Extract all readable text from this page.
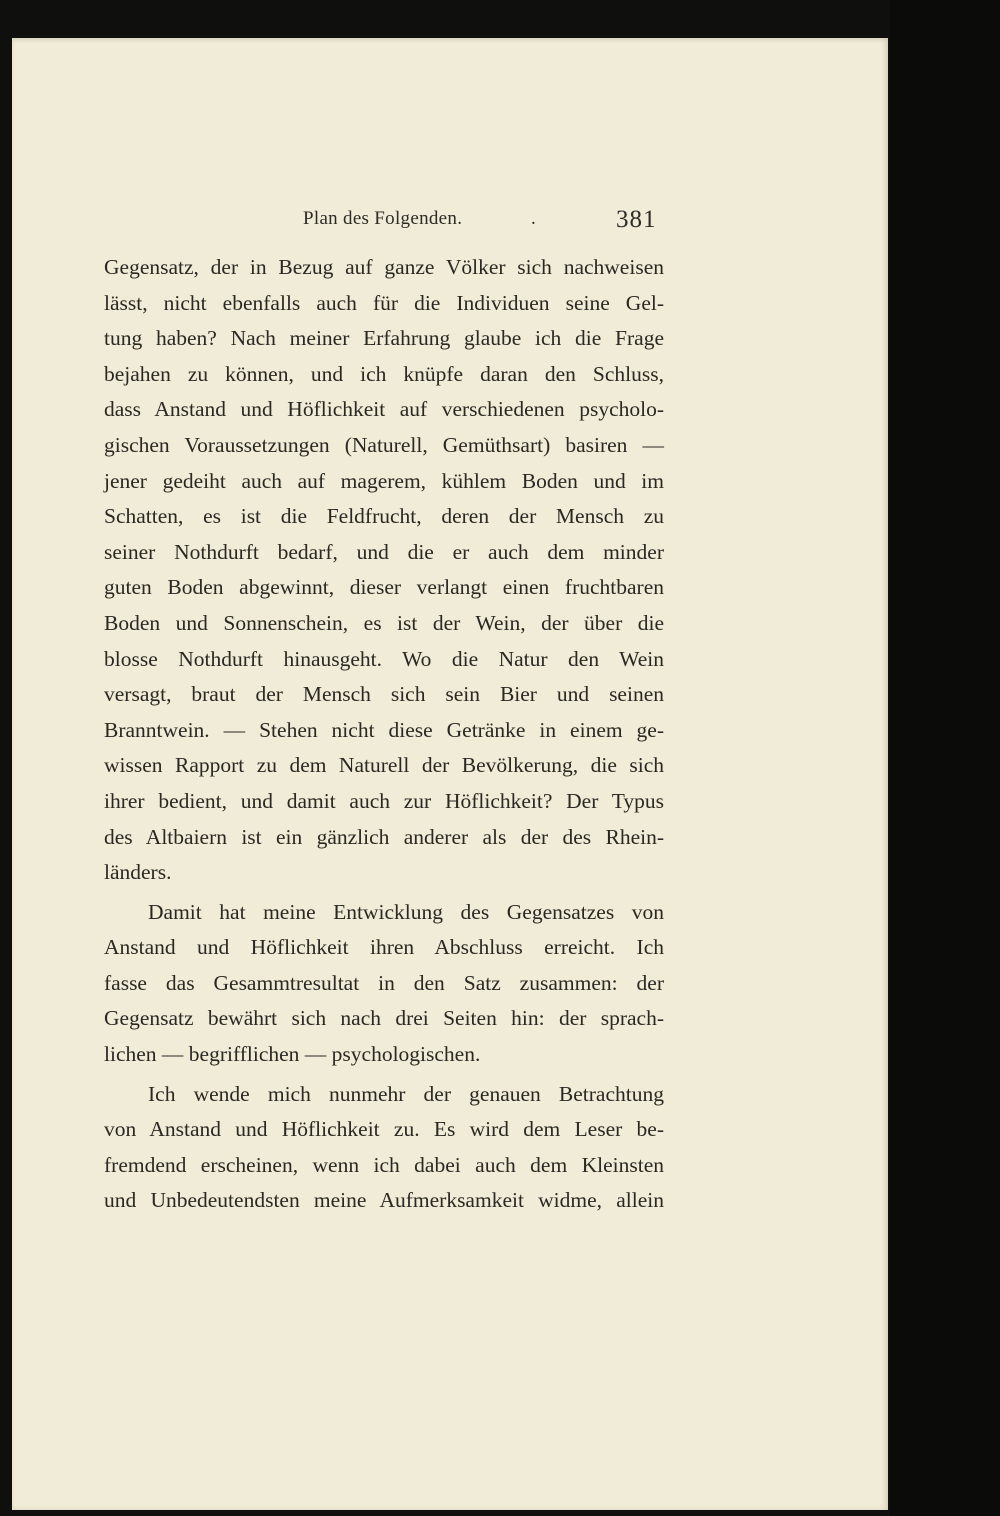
Plan des Folgenden.	.	381
Gegensatz, der in Bezug auf ganze Völker sich nachweisen
lässt, nicht ebenfalls auch für die Individuen seine Gel-
tung haben? Nach meiner Erfahrung glaube ich die Frage
bejahen zu können, und ich knüpfe daran den Schluss,
dass Anstand und Höflichkeit auf verschiedenen psycholo-
gischen Voraussetzungen (Naturell, Gemüthsart) basiren —
jener gedeiht auch auf magerem, kühlem Boden und im
Schatten, es ist die Feldfrucht, deren der Mensch zu
seiner Nothdurft bedarf, und die er auch dem minder
guten Boden abgewinnt, dieser verlangt einen fruchtbaren
Boden und Sonnenschein, es ist der Wein, der über die
blosse Nothdurft hinausgeht. Wo die Natur den Wein
versagt, braut der Mensch sich sein Bier und seinen
Branntwein. — Stehen nicht diese Getränke in einem ge-
wissen Rapport zu dem Naturell der Bevölkerung, die sich
ihrer bedient, und damit auch zur Höflichkeit? Der Typus
des Altbaiern ist ein gänzlich anderer als der des Rhein-
länders.
Damit hat meine Entwicklung des Gegensatzes von
Anstand und Höflichkeit ihren Abschluss erreicht. Ich
fasse das Gesammtresultat in den Satz zusammen: der
Gegensatz bewährt sich nach drei Seiten hin: der sprach-
lichen — begrifflichen — psychologischen.
Ich wende mich nunmehr der genauen Betrachtung
von Anstand und Höflichkeit zu. Es wird dem Leser be-
fremdend erscheinen, wenn ich dabei auch dem Kleinsten
und Unbedeutendsten meine Aufmerksamkeit widme, allein
